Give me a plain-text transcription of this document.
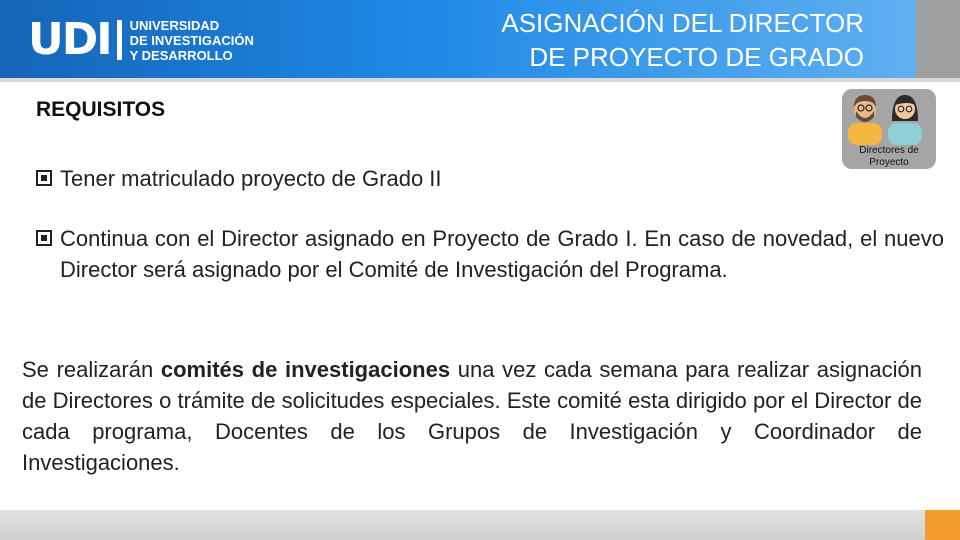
UDI UNIVERSIDAD
DE INVESTIGACIÓN
Y DESARROLLO
ASIGNACIÓN DEL DIRECTOR
DE PROYECTO DE GRADO
REQUISITOS
Tener matriculado proyecto de Grado II
Continua con el Director asignado en Proyecto de Grado I. En caso de novedad, el nuevo Director será asignado por el Comité de Investigación del Programa.
Se realizarán comités de investigaciones una vez cada semana para realizar asignación de Directores o trámite de solicitudes especiales. Este comité esta dirigido por el Director de cada programa, Docentes de los Grupos de Investigación y Coordinador de Investigaciones.
Directores de Proyecto
